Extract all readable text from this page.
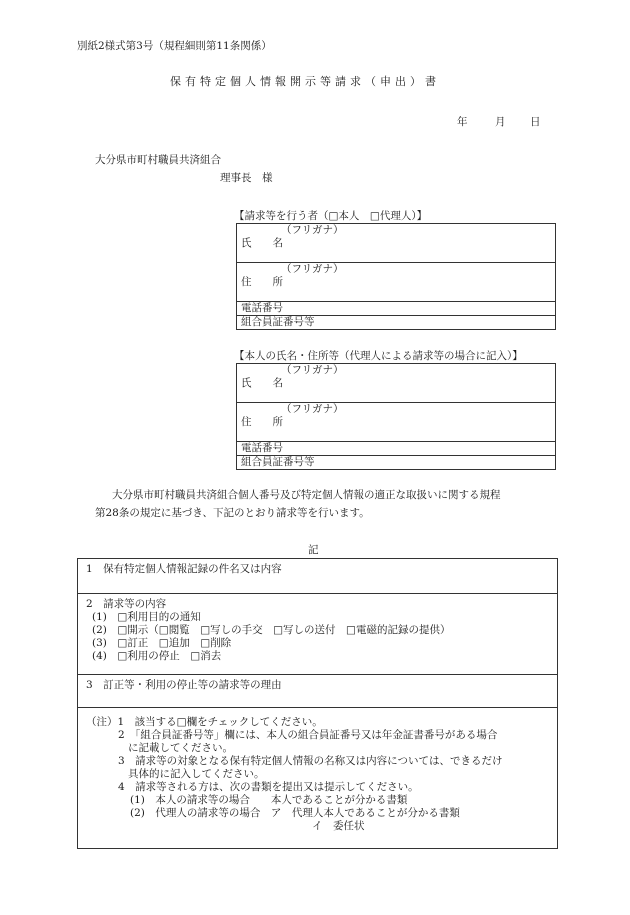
別紙2様式第3号（規程細則第11条関係）
保有特定個人情報開示等請求（申出）書
年	月 日
大分県市町村職員共済組合
理事長　様
【請求等を行う者（□本人　□代理人）】
（フリガナ）
氏　　名

（フリガナ）
住　　所

電話番号
組合員証番号等
【本人の氏名・住所等（代理人による請求等の場合に記入）】
（フリガナ）
氏　　名

（フリガナ）
住　　所

電話番号
組合員証番号等
大分県市町村職員共済組合個人番号及び特定個人情報の適正な取扱いに関する規程
第28条の規定に基づき、下記のとおり請求等を行います。
記
1　保有特定個人情報記録の件名又は内容
2　請求等の内容
(1)　□利用目的の通知
(2)　□開示（□閲覧　□写しの手交　□写しの送付　□電磁的記録の提供）
(3)　□訂正　□追加　□削除
(4)　□利用の停止　□消去
3　訂正等・利用の停止等の請求等の理由
（注）1　該当する□欄をチェックしてください。
2　「組合員証番号等」欄には、本人の組合員証番号又は年金証書番号がある場合
に記載してください。
3　請求等の対象となる保有特定個人情報の名称又は内容については、できるだけ
具体的に記入してください。
4　請求等される方は、次の書類を提出又は提示してください。
(1)　本人の請求等の場合　　本人であることが分かる書類
(2)　代理人の請求等の場合　ア　代理人本人であることが分かる書類
イ　委任状
